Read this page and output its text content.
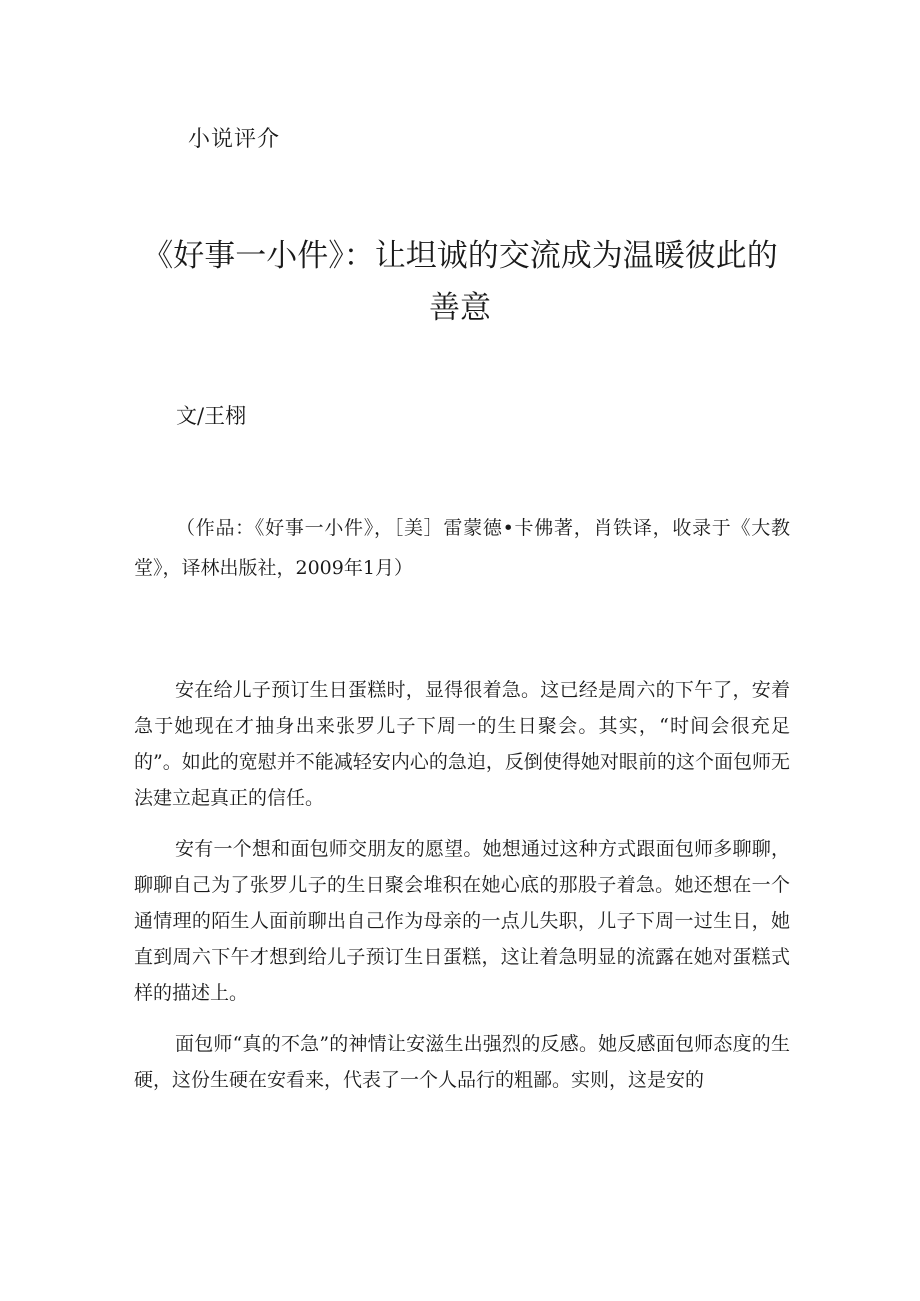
小说评介
《好事一小件》：让坦诚的交流成为温暖彼此的善意

文/王栩

（作品：《好事一小件》，［美］雷蒙德•卡佛著，肖铁译，收录于《大教堂》，译林出版社，2009年1月）

安在给儿子预订生日蛋糕时，显得很着急。这已经是周六的下午了，安着急于她现在才抽身出来张罗儿子下周一的生日聚会。其实，“时间会很充足的”。如此的宽慰并不能减轻安内心的急迫，反倒使得她对眼前的这个面包师无法建立起真正的信任。

安有一个想和面包师交朋友的愿望。她想通过这种方式跟面包师多聊聊，聊聊自己为了张罗儿子的生日聚会堆积在她心底的那股子着急。她还想在一个通情理的陌生人面前聊出自己作为母亲的一点儿失职，儿子下周一过生日，她直到周六下午才想到给儿子预订生日蛋糕，这让着急明显的流露在她对蛋糕式样的描述上。

面包师“真的不急”的神情让安滋生出强烈的反感。她反感面包师态度的生硬，这份生硬在安看来，代表了一个人品行的粗鄙。实则，这是安的
